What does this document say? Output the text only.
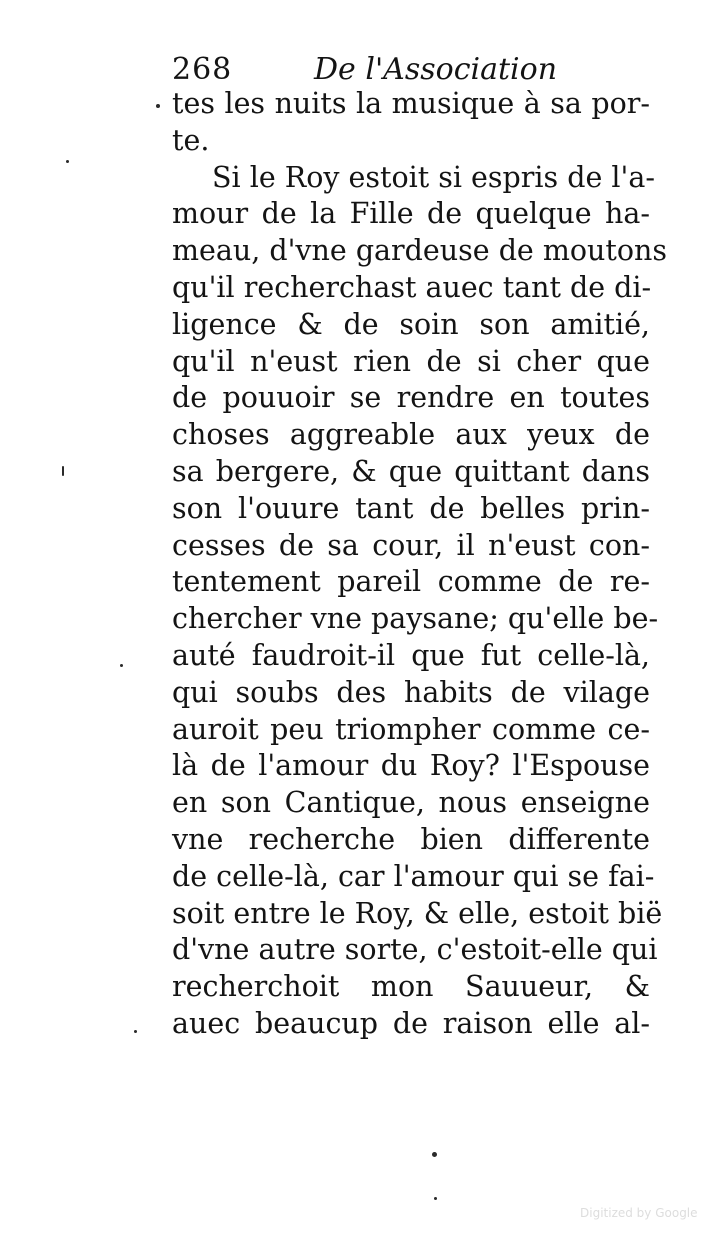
268	De l'Association
tes les nuits la musique à sa por-
te.
Si le Roy estoit si espris de l'a-
mour de la Fille de quelque ha-
meau, d'vne gardeuse de moutons
qu'il recherchast auec tant de di-
ligence & de soin son amitié,
qu'il n'eust rien de si cher que
de pouuoir se rendre en toutes
choses aggreable aux yeux de
sa bergere, & que quittant dans
son l'ouure tant de belles prin-
cesses de sa cour, il n'eust con-
tentement pareil comme de re-
chercher vne paysane; qu'elle be-
auté faudroit-il que fut celle-là,
qui soubs des habits de vilage
auroit peu triompher comme ce-
là de l'amour du Roy? l'Espouse
en son Cantique, nous enseigne
vne recherche bien differente
de celle-là, car l'amour qui se fai-
soit entre le Roy, & elle, estoit bië
d'vne autre sorte, c'estoit-elle qui
recherchoit mon Sauueur, &
auec beaucup de raison elle al-
Digitized by Google
